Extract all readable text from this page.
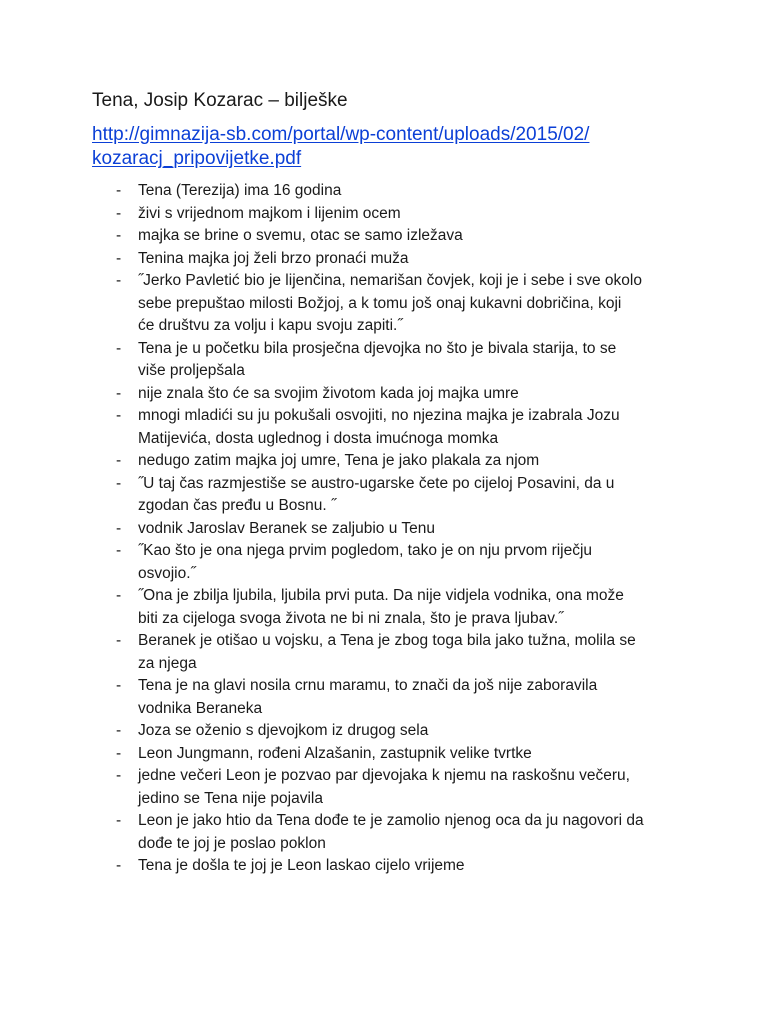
Tena, Josip Kozarac – bilješke
http://gimnazija-sb.com/portal/wp-content/uploads/2015/02/
kozaracj_pripovijetke.pdf
- Tena (Terezija) ima 16 godina
- živi s vrijednom majkom i lijenim ocem
- majka se brine o svemu, otac se samo izležava
- Tenina majka joj želi brzo pronaći muža
- ˝Jerko Pavletić bio je lijenčina, nemarišan čovjek, koji je i sebe i sve okolo
sebe prepuštao milosti Božjoj, a k tomu još onaj kukavni dobričina, koji
će društvu za volju i kapu svoju zapiti.˝
- Tena je u početku bila prosječna djevojka no što je bivala starija, to se
više proljepšala
- nije znala što će sa svojim životom kada joj majka umre
- mnogi mladići su ju pokušali osvojiti, no njezina majka je izabrala Jozu
Matijevića, dosta uglednog i dosta imućnoga momka
- nedugo zatim majka joj umre, Tena je jako plakala za njom
- ˝U taj čas razmjestiše se austro-ugarske čete po cijeloj Posavini, da u
zgodan čas pređu u Bosnu. ˝
- vodnik Jaroslav Beranek se zaljubio u Tenu
- ˝Kao što je ona njega prvim pogledom, tako je on nju prvom riječju
osvojio.˝
- ˝Ona je zbilja ljubila, ljubila prvi puta. Da nije vidjela vodnika, ona može
biti za cijeloga svoga života ne bi ni znala, što je prava ljubav.˝
- Beranek je otišao u vojsku, a Tena je zbog toga bila jako tužna, molila se
za njega
- Tena je na glavi nosila crnu maramu, to znači da još nije zaboravila
vodnika Beraneka
- Joza se oženio s djevojkom iz drugog sela
- Leon Jungmann, rođeni Alzašanin, zastupnik velike tvrtke
- jedne večeri Leon je pozvao par djevojaka k njemu na raskošnu večeru,
jedino se Tena nije pojavila
- Leon je jako htio da Tena dođe te je zamolio njenog oca da ju nagovori da
dođe te joj je poslao poklon
- Tena je došla te joj je Leon laskao cijelo vrijeme
